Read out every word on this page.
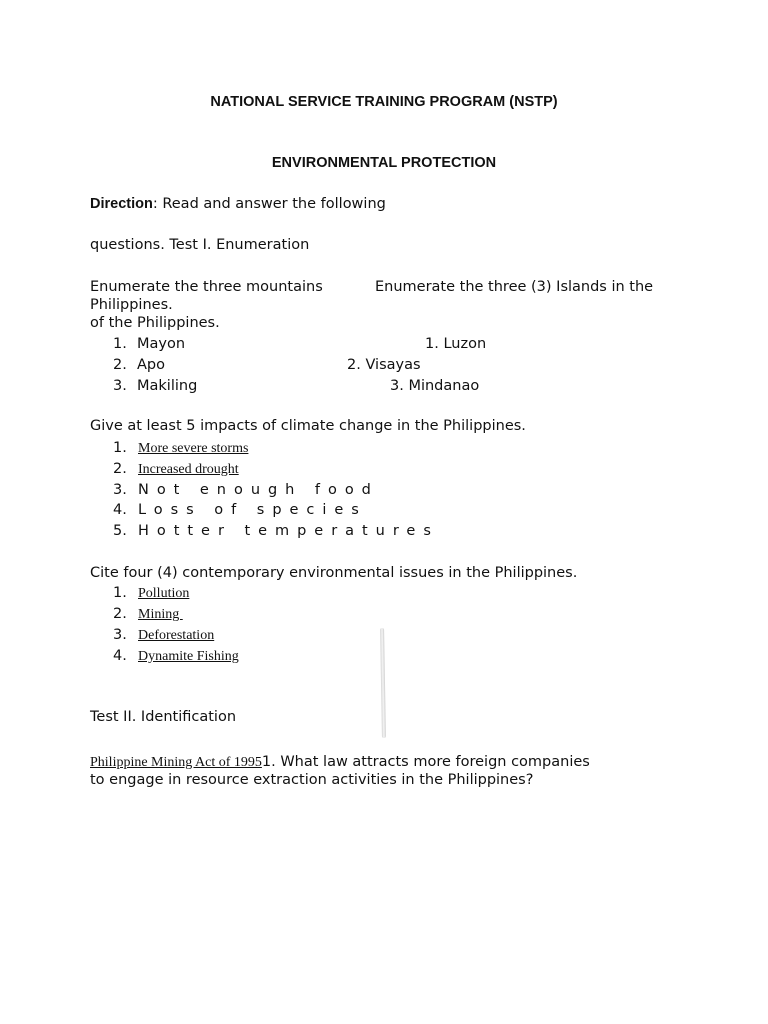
NATIONAL SERVICE TRAINING PROGRAM (NSTP)
ENVIRONMENTAL PROTECTION
Direction: Read and answer the following
questions. Test I. Enumeration
Enumerate the three mountains	Enumerate the three (3) Islands in the
Philippines.
of the Philippines.
1. Mayon
2. Apo
3. Makiling
1. Luzon
2. Visayas
3. Mindanao
Give at least 5 impacts of climate change in the Philippines.
1. More severe storms
2. Increased drought
3. Not enough food
4. Loss of species
5. Hotter temperatures
Cite four (4) contemporary environmental issues in the Philippines.
1. Pollution
2. Mining
3. Deforestation
4. Dynamite Fishing
Test II. Identification
Philippine Mining Act of 19951. What law attracts more foreign companies
to engage in resource extraction activities in the Philippines?
